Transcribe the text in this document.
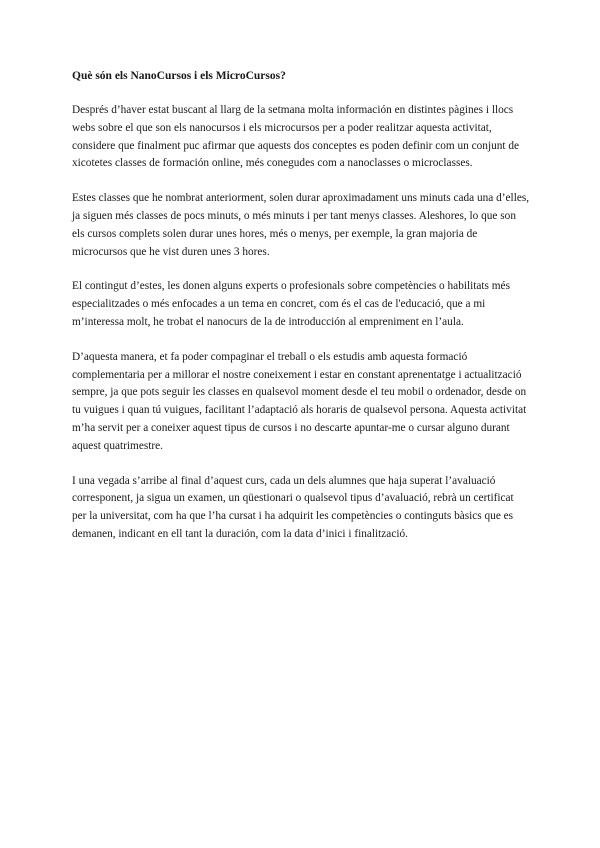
Què són els NanoCursos i els MicroCursos?

Després d’haver estat buscant al llarg de la setmana molta información en distintes pàgines i llocs webs sobre el que son els nanocursos i els microcursos per a poder realitzar aquesta activitat, considere que finalment puc afirmar que aquests dos conceptes es poden definir com un conjunt de xicotetes classes de formación online, més conegudes com a nanoclasses o microclasses.

Estes classes que he nombrat anteriorment, solen durar aproximadament uns minuts cada una d’elles, ja siguen més classes de pocs minuts, o més minuts i per tant menys classes. Aleshores, lo que son els cursos complets solen durar unes hores, més o menys, per exemple, la gran majoria de microcursos que he vist duren unes 3 hores.

El contingut d’estes, les donen alguns experts o profesionals sobre competències o habilitats més especialitzades o més enfocades a un tema en concret, com és el cas de l'educació, que a mi m’interessa molt, he trobat el nanocurs de la de introducción al empreniment en l’aula.

D’aquesta manera, et fa poder compaginar el treball o els estudis amb aquesta formació complementaria per a millorar el nostre coneixement i estar en constant aprenentatge i actualització sempre, ja que pots seguir les classes en qualsevol moment desde el teu mobil o ordenador, desde on tu vuigues i quan tú vuigues, facilitant l’adaptació als horaris de qualsevol persona. Aquesta activitat m’ha servit per a coneixer aquest tipus de cursos i no descarte apuntar-me o cursar alguno durant aquest quatrimestre.

I una vegada s’arribe al final d’aquest curs, cada un dels alumnes que haja superat l’avaluació corresponent, ja sigua un examen, un qüestionari o qualsevol tipus d’avaluació, rebrà un certificat per la universitat, com ha que l’ha cursat i ha adquirit les competències o continguts bàsics que es demanen, indicant en ell tant la duración, com la data d’inici i finalització.
